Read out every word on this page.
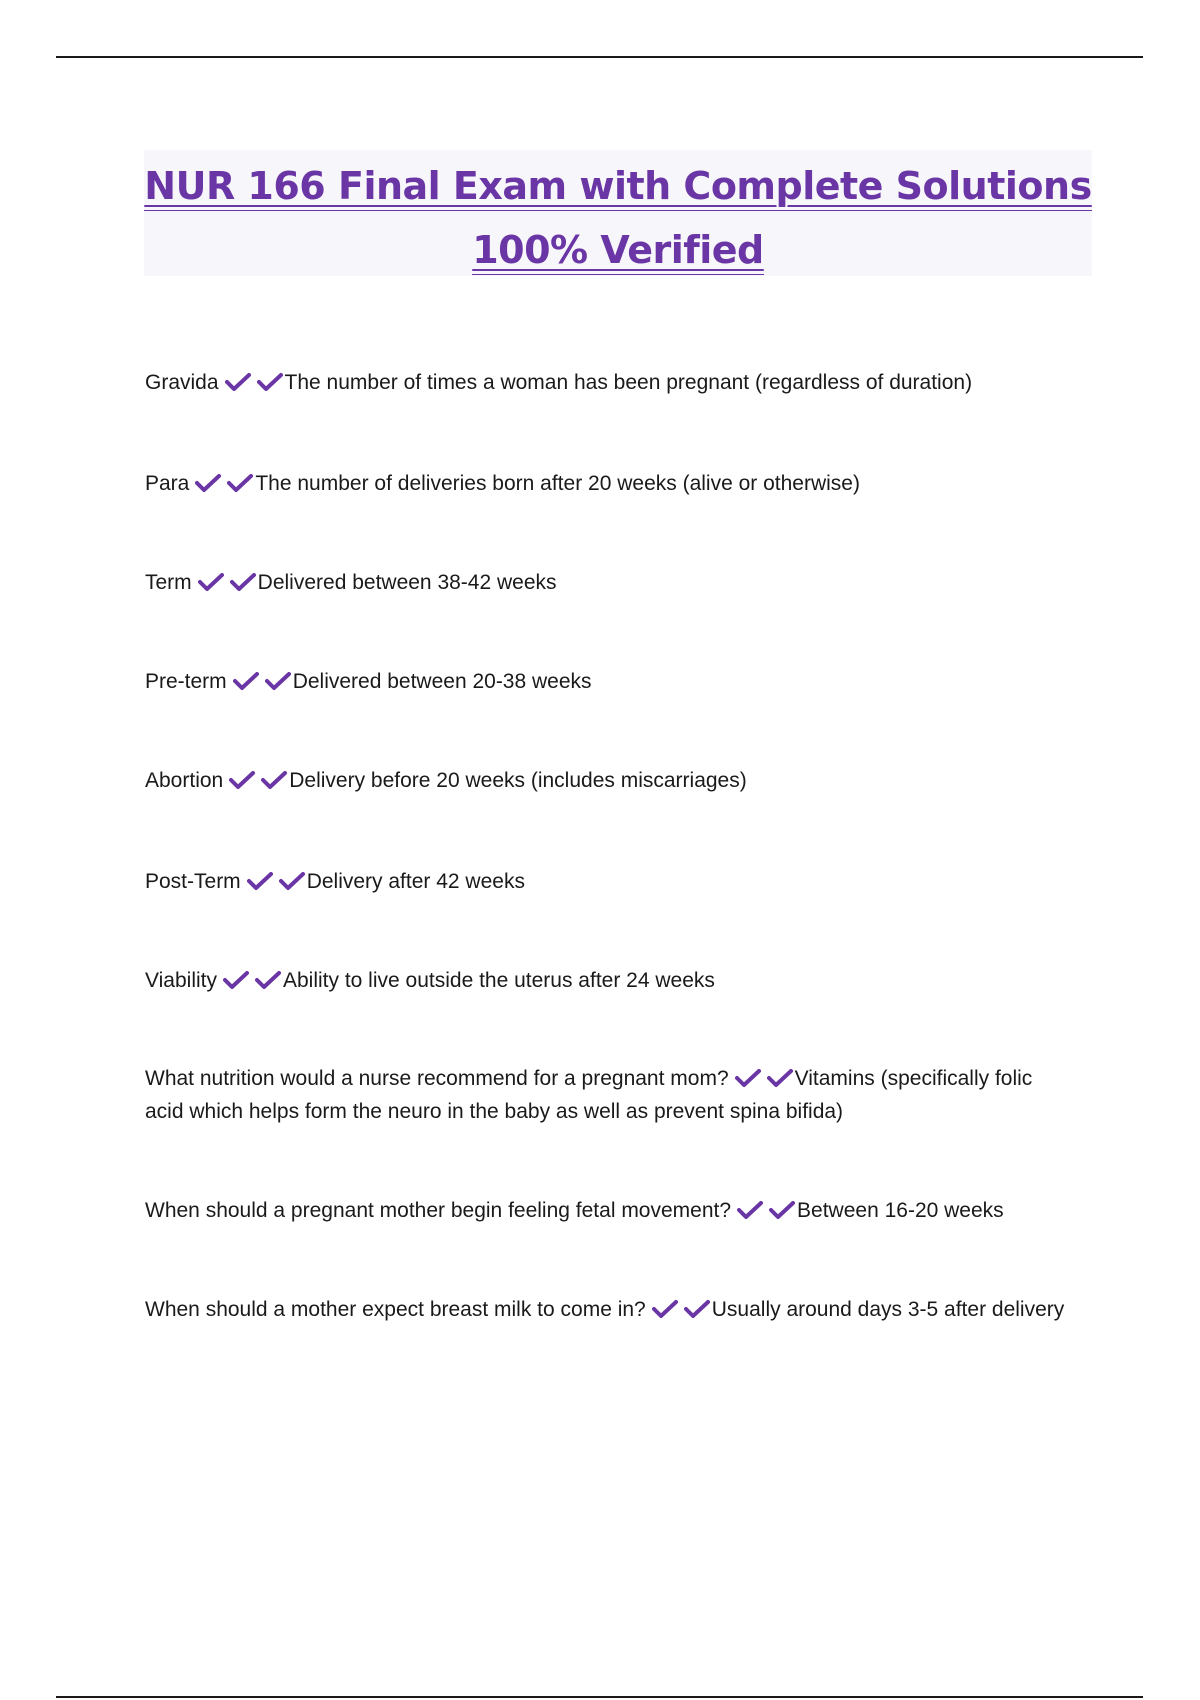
NUR 166 Final Exam with Complete Solutions
100% Verified
Gravida	The number of times a woman has been pregnant (regardless of duration)
Para	The number of deliveries born after 20 weeks (alive or otherwise)
Term	Delivered between 38-42 weeks
Pre-term	Delivered between 20-38 weeks
Abortion	Delivery before 20 weeks (includes miscarriages)
Post-Term	Delivery after 42 weeks
Viability	Ability to live outside the uterus after 24 weeks
What nutrition would a nurse recommend for a pregnant mom?	Vitamins (specifically folic acid which helps form the neuro in the baby as well as prevent spina bifida)
When should a pregnant mother begin feeling fetal movement?	Between 16-20 weeks
When should a mother expect breast milk to come in?	Usually around days 3-5 after delivery
